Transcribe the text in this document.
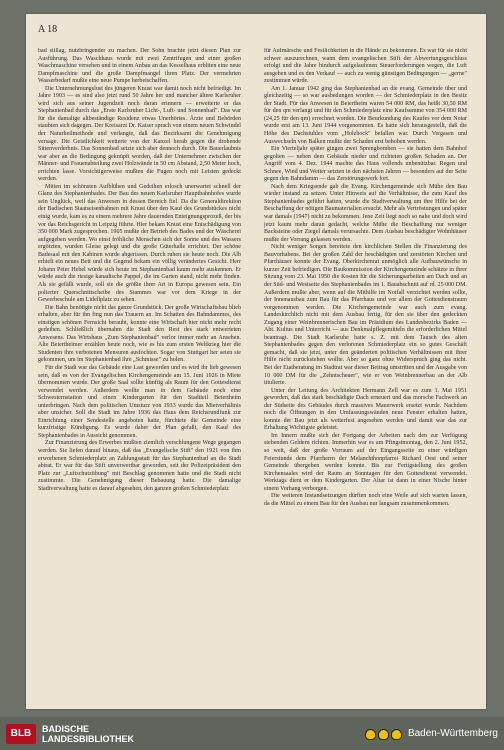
A 18

bad stillag, nutzbringender zu machen. Der Sohn brachte jetzt diesen Plan zur Ausführung. Das Waschhaus wurde mit zwei Zentrifugen und einer großen Waschmaschine versehen und in einem Anbau an das Kesselhaus erbliten eine neue Dampfmaschine und die große Dampfmangel ihren Platz. Der vermehrten Wasserbedarf mußte eine neue Pumpe herbeischaffen.

Die Unternehmungslust des jüngeren Knust war damit noch nicht befriedigt. Im Jahre 1903 — es sind also jetzt rund 50 Jahre her und mancher ältere Karlsruher wird sich aus seiner Jugendzeit noch daran erinnern — erweiterte er das Stephanienbad durch das „Erste Karlsruher Licht-, Luft- und Sonnenbad". Das war für die damalige altbeständige Residenz etwas Unerhörtes. Ärzte und Behörden staubten sich dagegen. Der Kreisarzt Dr. Kaiser sprach von einem neuen Schwindel der Naturheilmethode und verlangte, daß das Bezirksamt die Genehmigung versage. Die Geistlichkeit wetterte von der Kanzel herab gegen die drohende Sittenverderbnis. Das Sonnenbad setzte sich aber dennoch durch. Die Bauerlaubnis war aber an die Bedingung geknüpft worden, daß der Unternehmer zwischen der Männer- und Frauenabteilung zwei Holzwände in 50 cm Abstand, 2,50 Meter hoch, errichten lasse. Vorsichtigerweise mußten die Fugen noch mit Leisten gedeckt werden.

Mitten im schönsten Aufblühen und Gedeihen erlosch unerwartet schnell der Glanz des Stephanienbades. Der Bau des neuen Karlsruher Hauptbahnhofes wurde sein Unglück, weil das Anwesen in dessen Bereich fiel. Da die Generaldirektion der Badischen Staatseisenbahnen mit Knust über den Kauf des Grundstückes nicht einig wurde, kam es zu einem mehrere Jahre dauernden Enteignungsprozeß, der bis vor das Reichsgericht in Leipzig führte. Hier bekam Knust eine Entschädigung von 350 000 Mark zugesprochen. 1905 mußte der Betrieb des Bades und der Wäscherei aufgegeben werden. Wo einst fröhliche Menschen sich der Sonne und des Wassers ergötzten, wurden Gleise gelegt und die große Güterhalle errichtet. Der schöne Badesaal mit den Kabinen wurde abgerissen. Durch ruhen sie heute noch. Die Alb erhielt ein neues Bett und die Gegend bekam ein völlig verändertes Gesicht. Herr Johann Peter Hebel würde sich heute im Stephanienbad kaum mehr auskennen. Er würde auch die riesige kanadische Pappel, die im Garten stand, nicht mehr finden. Als sie gefällt wurde, soll sie die größte ihrer Art in Europa gewesen sein. Ein polierter Querschnittscheibe des Stammes war vor dem Kriege in der Gewerbeschule am Lidellplatz zu sehen.

Die Bahn benötigte nicht das ganze Grundstück. Der große Wirtschaftsbau blieb erhalten, aber für ihn fing nun das Trauern an. Im Schatten des Bahndammes, des einstigen schönen Fernsicht beraubt, konnte eine Wirtschaft hier nicht mehr recht gedeihen. Schließlich übernahm die Stadt den Rest des stark entwerteten Anwesens. Das Wirtshaus „Zum Stephanienbad" verlor immer mehr an Ansehen. Alte Beiertheimer erzählen heute noch, wie es bis zum ersten Weltkrieg hier die Studenten ihre verbotenen Mensuren ausfochten. Sogar von Stuttgart her seien sie gekommen, um im Stephanienbad ihre „Schmisse" zu holen.

Für die Stadt war das Gebäude eine Last geworden und es wird ihr lieb gewesen sein, daß es von der Evangelischen Kirchengemeinde am 15. Juni 1926 in Miete übernommen wurde. Der große Saal sollte künftig als Raum für den Gottesdienst verwendet werden. Außerdem wollte man in dem Gebäude noch eine Schwesternstation und einen Kindergarten für den Stadtteil Beiertheim unterbringen. Nach dem politischen Umsturz von 1933 wurde das Mietverhältnis aber unsicher. Soll die Stadt im Jahre 1936 das Haus dem Reichsrundfunk zur Einrichtung einer Sendestelle angeboten hatte, fürchtete die Gemeinde eine kurzfristige Kündigung. Es wurde daher der Plan gefaßt, den Kauf des Stephanienbades in Aussicht genommen.

Zur Finanzierung des Erwerbes mußten ziemlich verschlungene Wege gegangen werden. Sie liefen darauf hinaus, daß das „Evangelische Stift" den 1921 von ihm erworbenen Schmiederplatz an Zahlungsstatt für das Stephanienbad an die Stadt abtrat. Er war für das Stift unverwertbar geworden, seit der Polizeipräsident den Platz zur „Luftschutzübung" mit Beschlag genommen hatte und die Stadt nicht zustimmte. Die Genehmigung dieser Bebauung hatte. Die damalige Stadtverwaltung hatte es darauf abgesehen, den ganzen großen Schmiederplatz

für Aufmärsche und Festlichkeiten in die Hände zu bekommen. Es war für sie nicht schwer auszurechnen, wann dem evangelischen Stift der Abwertungsgeschluss erfolgt und die Jahre hindurch aufgelaufenen Steuerforderungen wegen, die Luft ausgehen und es den Verkauf — auch zu wenig günstigen Bedingungen — „gerne" zustimmen würde.

Am 1. Januar 1942 ging das Stephanienbad an die evang. Gemeinde über und gleichzeitig — so war ausbedungen worden — der Schmiederplatz in den Besitz der Stadt. Für das Anwesen in Beiertheim waren 54 000 RM, das heißt 30,50 RM für den qm verlangt und für den Schmiederplatz eine Kaufsumme von 354 000 RM (24,25 für den qm) errechnet worden. Die Beurkundung des Kaufes vor dem Notar wurde erst am 13. Juni 1944 vorgenommen. Es hatte sich herausgestellt, daß die Höhe des Dachstuhles vom „Holzbock" befallen war. Durch Vergasen und Auswechseln von Balken mußte der Schaden erst behoben werden.

Ein Vierteljahr später gingen zwei Sprengbomben — sie hatten dem Bahnhof gegolten — neben dem Gebäude nieder und richteten großen Schaden an. Der Angriff vom 4. Dez. 1944 machte das Haus vollends unbenützbar. Regen und Schnee, Wind und Wetter setzten in den nächsten Jahren — besonders auf der Seite gegen den Bahndamm — das Zerstörungswerk fort.

Nach dem Kriegsende gab die Evang. Kirchengemeinde sich Mühe den Bau wieder instand zu setzen. Unter Hinweis auf die Verhältnisse, die zum Kauf des Stephanienbades geführt hatten, wurde die Stadtverwaltung um ihre Hilfe bei der Beschaffung der nötigen Baumaterialien ersucht. Mehr als Vertröstungen und später war damals (1947) nicht zu bekommen. Jene Zeit liegt noch so nahe und doch wird jetzt kaum mehr daran gedacht, welche Mühe die Beschaffung nur weniger Backsteine oder Ziegel damals verursachte. Dem Ausbau beschädigter Wohnhäuser mußte der Vorrang gelassen werden.

Nicht weniger Sorgen bereitete den kirchlichen Stellen die Finanzierung des Bauvorhabens. Bei der großen Zahl der beschädigten und zerstörten Kirchen und Pfarrhäuser konnte der Evang. Oberkirchenrat unmöglich alle Aufbauwünsche in kurzer Zeit befriedigen. Die Baukommission der Kirchengemeinde schätzte in ihrer Sitzung vom 23. Mai 1950 die Kosten für die Sicherungsarbeiten am Dach und an der Süd- und Westseite des Stephanienbades im 1. Bauabschnitt auf rd. 25 000 DM. Außerdem mußte aber, wenn auf die Mithilfe im Notfall verzichtet werden sollte, der Innenausbau zum Bau für das Pfarrhaus und vor allem der Gottesdienstraum vorgenommen werden. Die Kirchengemeinde war auch zum evang. Landeskirchlich nicht mit dem Ausbau fertig, für den sie über den gedeckten Zugang einer Weinbrennerischen Bau im Präsidium des Landesbezirks Baden — Abt. Kultus und Unterricht — aus Denkmalpflegemitteln die erforderlichen Mittel beantragt. Die Stadt Karlsruhe hatte s. Z. mit dem Tausch des alten Stephanienbades gegen den verlorenen Schmiederplatz ein so gutes Geschäft gemacht, daß sie jetzt, unter den geänderten politischen Verhältnissen mit ihrer Hilfe nicht zurückstehen wollte. Aber so ganz ohne Widerspruch ging das nicht. Bei der Etatberatung im Stadtrat war dieser Beitrag umstritten und der Ausgabe von 10 000 DM für die „Zehntscheuer", wie er von Weinbrennerbau an der Alb titulierte.

Unter der Leitung des Architekten Hermann Zell war es zum 1. Mai 1951 geworden, daß das stark beschädigte Dach erneuert und das morsche Fachwerk an der Südseite des Gebäudes durch massives Mauerwerk ersetzt wurde. Nachdem noch die Öffnungen in den Umfassungswänden neue Fenster erhalten hatten, konnte der Bau jetzt als wetterfest angesehen werden und damit war das zur Erhaltung Wichtigste geleistet.

Im Innern mußte sich der Fortgang der Arbeiten nach den zur Verfügung stehenden Geldern richten. Immerhin war es am Pfingstmontag, den 2. Juni 1952, so weit, daß der große Vorraum auf der Eingangsseite zu einer würdigen Feierstunde dem Pfarrherrn der Melanchthonpfarrei Richard Oest und seiner Gemeinde übergeben werden konnte. Bis zur Fertigstellung des großen Kirchensaales wird der Raum an Sonntagen für den Gottesdienst verwendet. Werktags dient er dem Kindergarten. Der Altar ist dann in einer Nische hinter einem Vorhang verborgen.

Die weiteren Instandsetzungen dürften noch eine Weile auf sich warten lassen, da die Mittel zu einem Bau für den Ausbau nur langsam zusammenkommen.

BLB	BADISCHE
LANDESBIBLIOTHEK	Baden-Württemberg
